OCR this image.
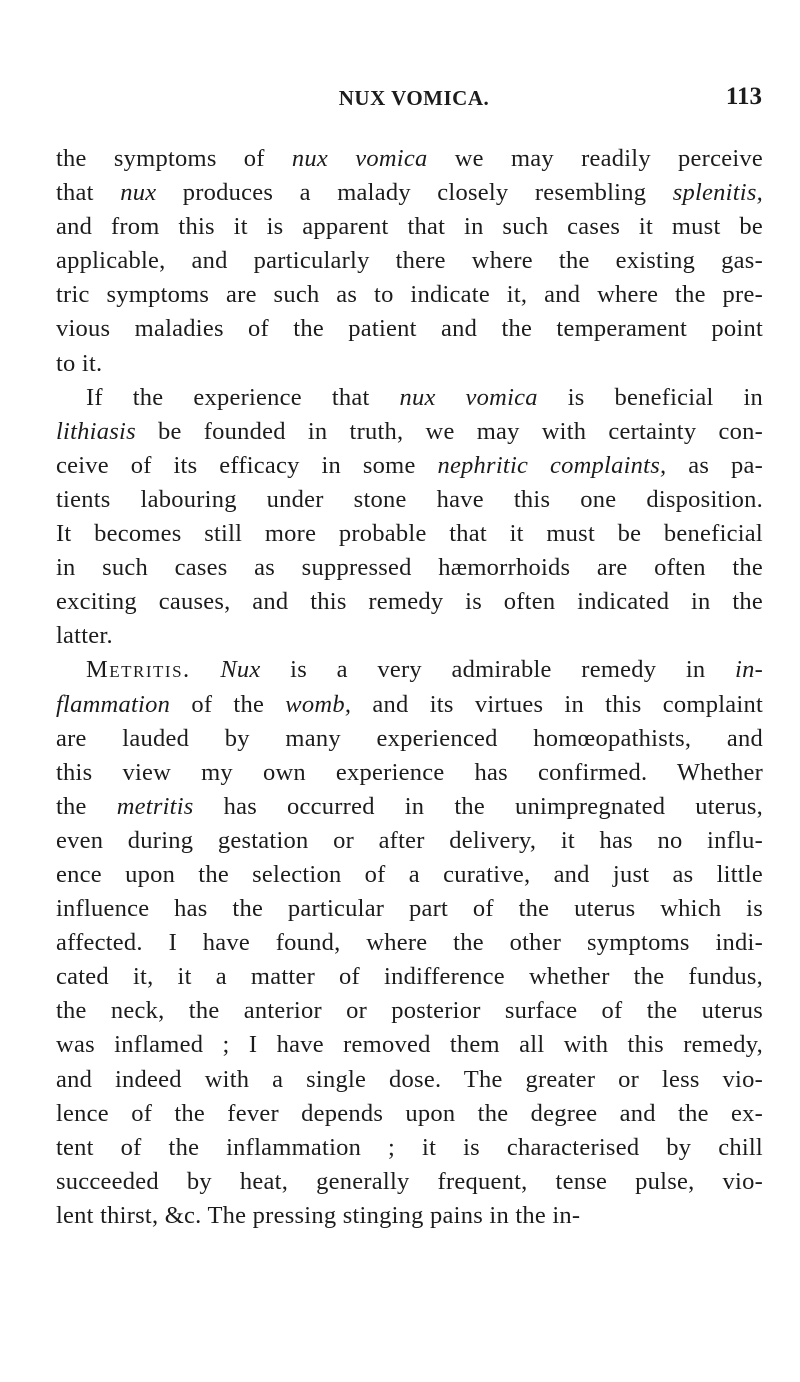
NUX VOMICA.	113
the symptoms of nux vomica we may readily perceive
that nux produces a malady closely resembling splenitis,
and from this it is apparent that in such cases it must be
applicable, and particularly there where the existing gas-
tric symptoms are such as to indicate it, and where the pre-
vious maladies of the patient and the temperament point
to it.
If the experience that nux vomica is beneficial in
lithiasis be founded in truth, we may with certainty con-
ceive of its efficacy in some nephritic complaints, as pa-
tients labouring under stone have this one disposition.
It becomes still more probable that it must be beneficial
in such cases as suppressed hæmorrhoids are often the
exciting causes, and this remedy is often indicated in the
latter.
Metritis. Nux is a very admirable remedy in in-
flammation of the womb, and its virtues in this complaint
are lauded by many experienced homœopathists, and
this view my own experience has confirmed. Whether
the metritis has occurred in the unimpregnated uterus,
even during gestation or after delivery, it has no influ-
ence upon the selection of a curative, and just as little
influence has the particular part of the uterus which is
affected. I have found, where the other symptoms indi-
cated it, it a matter of indifference whether the fundus,
the neck, the anterior or posterior surface of the uterus
was inflamed ; I have removed them all with this remedy,
and indeed with a single dose. The greater or less vio-
lence of the fever depends upon the degree and the ex-
tent of the inflammation ; it is characterised by chill
succeeded by heat, generally frequent, tense pulse, vio-
lent thirst, &c. The pressing stinging pains in the in-
